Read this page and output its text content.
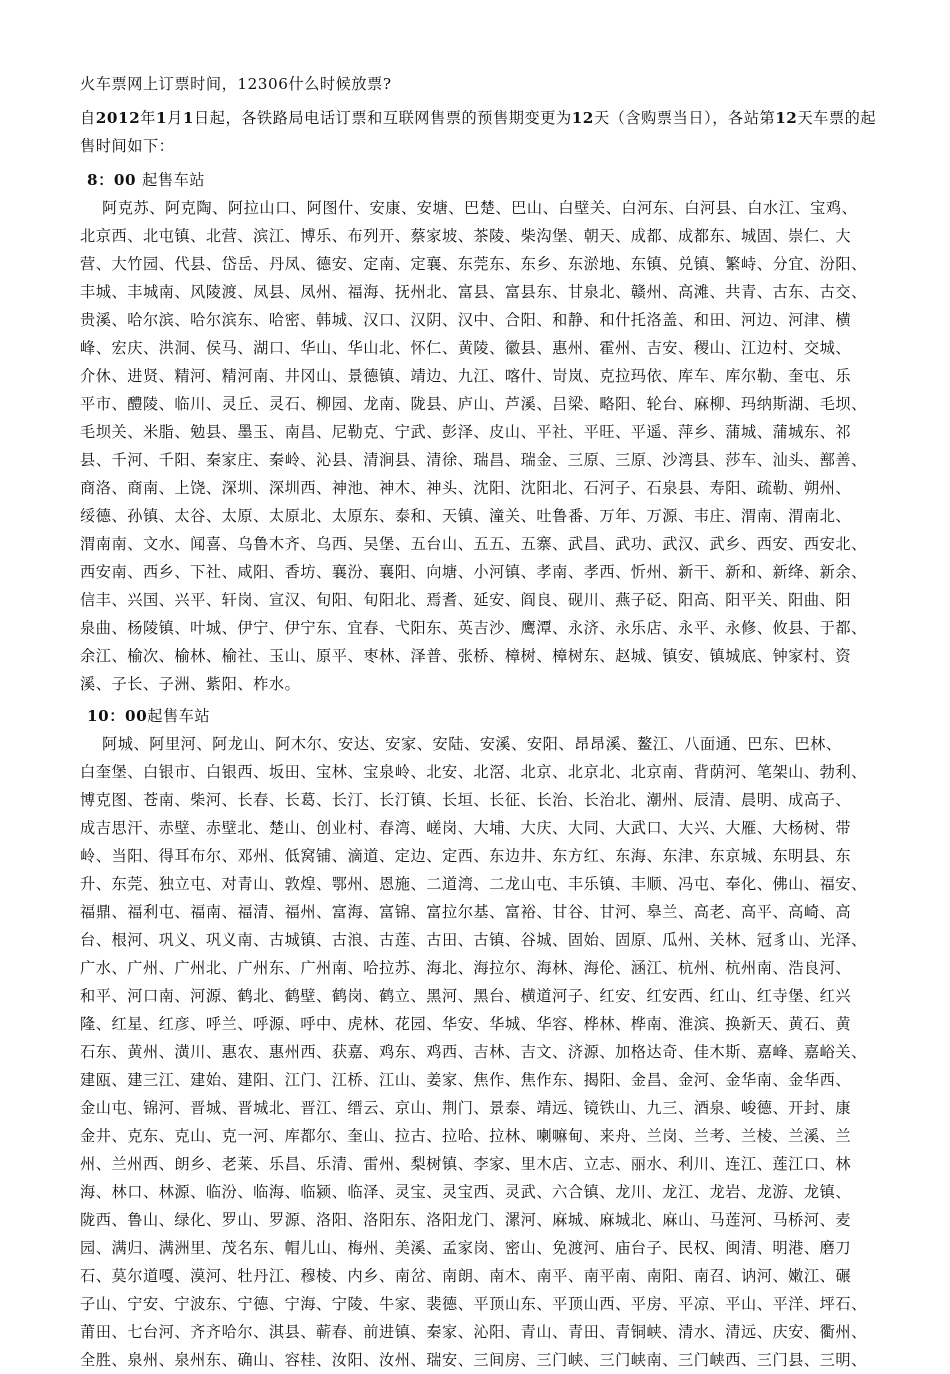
火车票网上订票时间，12306什么时候放票?
自2012年1月1日起，各铁路局电话订票和互联网售票的预售期变更为12天（含购票当日），各站第12天车票的起
售时间如下：
8：00 起售车站
阿克苏、阿克陶、阿拉山口、阿图什、安康、安塘、巴楚、巴山、白壁关、白河东、白河县、白水江、宝鸡、
北京西、北屯镇、北营、滨江、博乐、布列开、蔡家坡、茶陵、柴沟堡、朝天、成都、成都东、城固、崇仁、大
营、大竹园、代县、岱岳、丹凤、德安、定南、定襄、东莞东、东乡、东淤地、东镇、兑镇、繁峙、分宜、汾阳、
丰城、丰城南、风陵渡、凤县、凤州、福海、抚州北、富县、富县东、甘泉北、赣州、高滩、共青、古东、古交、
贵溪、哈尔滨、哈尔滨东、哈密、韩城、汉口、汉阴、汉中、合阳、和静、和什托洛盖、和田、河边、河津、横
峰、宏庆、洪洞、侯马、湖口、华山、华山北、怀仁、黄陵、徽县、惠州、霍州、吉安、稷山、江边村、交城、
介休、进贤、精河、精河南、井冈山、景德镇、靖边、九江、喀什、岢岚、克拉玛依、库车、库尔勒、奎屯、乐
平市、醴陵、临川、灵丘、灵石、柳园、龙南、陇县、庐山、芦溪、吕梁、略阳、轮台、麻柳、玛纳斯湖、毛坝、
毛坝关、米脂、勉县、墨玉、南昌、尼勒克、宁武、彭泽、皮山、平社、平旺、平遥、萍乡、蒲城、蒲城东、祁
县、千河、千阳、秦家庄、秦岭、沁县、清涧县、清徐、瑞昌、瑞金、三原、三原、沙湾县、莎车、汕头、鄯善、
商洛、商南、上饶、深圳、深圳西、神池、神木、神头、沈阳、沈阳北、石河子、石泉县、寿阳、疏勒、朔州、
绥德、孙镇、太谷、太原、太原北、太原东、泰和、天镇、潼关、吐鲁番、万年、万源、韦庄、渭南、渭南北、
渭南南、文水、闻喜、乌鲁木齐、乌西、吴堡、五台山、五五、五寨、武昌、武功、武汉、武乡、西安、西安北、
西安南、西乡、下社、咸阳、香坊、襄汾、襄阳、向塘、小河镇、孝南、孝西、忻州、新干、新和、新绛、新余、
信丰、兴国、兴平、轩岗、宣汉、旬阳、旬阳北、焉耆、延安、阎良、砚川、燕子砭、阳高、阳平关、阳曲、阳
泉曲、杨陵镇、叶城、伊宁、伊宁东、宜春、弋阳东、英吉沙、鹰潭、永济、永乐店、永平、永修、攸县、于都、
余江、榆次、榆林、榆社、玉山、原平、枣林、泽普、张桥、樟树、樟树东、赵城、镇安、镇城底、钟家村、资
溪、子长、子洲、紫阳、柞水。
10：00起售车站
阿城、阿里河、阿龙山、阿木尔、安达、安家、安陆、安溪、安阳、昂昂溪、鳌江、八面通、巴东、巴林、
白奎堡、白银市、白银西、坂田、宝林、宝泉岭、北安、北滘、北京、北京北、北京南、背荫河、笔架山、勃利、
博克图、苍南、柴河、长春、长葛、长汀、长汀镇、长垣、长征、长治、长治北、潮州、辰清、晨明、成高子、
成吉思汗、赤壁、赤壁北、楚山、创业村、春湾、嵯岗、大埔、大庆、大同、大武口、大兴、大雁、大杨树、带
岭、当阳、得耳布尔、邓州、低窝铺、滴道、定边、定西、东边井、东方红、东海、东津、东京城、东明县、东
升、东莞、独立屯、对青山、敦煌、鄂州、恩施、二道湾、二龙山屯、丰乐镇、丰顺、冯屯、奉化、佛山、福安、
福鼎、福利屯、福南、福清、福州、富海、富锦、富拉尔基、富裕、甘谷、甘河、皋兰、高老、高平、高崎、高
台、根河、巩义、巩义南、古城镇、古浪、古莲、古田、古镇、谷城、固始、固原、瓜州、关林、冠豸山、光泽、
广水、广州、广州北、广州东、广州南、哈拉苏、海北、海拉尔、海林、海伦、涵江、杭州、杭州南、浩良河、
和平、河口南、河源、鹤北、鹤壁、鹤岗、鹤立、黑河、黑台、横道河子、红安、红安西、红山、红寺堡、红兴
隆、红星、红彦、呼兰、呼源、呼中、虎林、花园、华安、华城、华容、桦林、桦南、淮滨、换新天、黄石、黄
石东、黄州、潢川、惠农、惠州西、获嘉、鸡东、鸡西、吉林、吉文、济源、加格达奇、佳木斯、嘉峰、嘉峪关、
建瓯、建三江、建始、建阳、江门、江桥、江山、姜家、焦作、焦作东、揭阳、金昌、金河、金华南、金华西、
金山屯、锦河、晋城、晋城北、晋江、缙云、京山、荆门、景泰、靖远、镜铁山、九三、酒泉、峻德、开封、康
金井、克东、克山、克一河、库都尔、奎山、拉古、拉哈、拉林、喇嘛甸、来舟、兰岗、兰考、兰棱、兰溪、兰
州、兰州西、朗乡、老莱、乐昌、乐清、雷州、梨树镇、李家、里木店、立志、丽水、利川、连江、莲江口、林
海、林口、林源、临汾、临海、临颍、临泽、灵宝、灵宝西、灵武、六合镇、龙川、龙江、龙岩、龙游、龙镇、
陇西、鲁山、绿化、罗山、罗源、洛阳、洛阳东、洛阳龙门、漯河、麻城、麻城北、麻山、马莲河、马桥河、麦
园、满归、满洲里、茂名东、帽儿山、梅州、美溪、孟家岗、密山、免渡河、庙台子、民权、闽清、明港、磨刀
石、莫尔道嘎、漠河、牡丹江、穆棱、内乡、南岔、南朗、南木、南平、南平南、南阳、南召、讷河、嫩江、碾
子山、宁安、宁波东、宁德、宁海、宁陵、牛家、裴德、平顶山东、平顶山西、平房、平凉、平山、平洋、坪石、
莆田、七台河、齐齐哈尔、淇县、蕲春、前进镇、秦家、沁阳、青山、青田、青铜峡、清水、清远、庆安、衢州、
全胜、泉州、泉州东、确山、容桂、汝阳、汝州、瑞安、三间房、三门峡、三门峡南、三门峡西、三门县、三明、
